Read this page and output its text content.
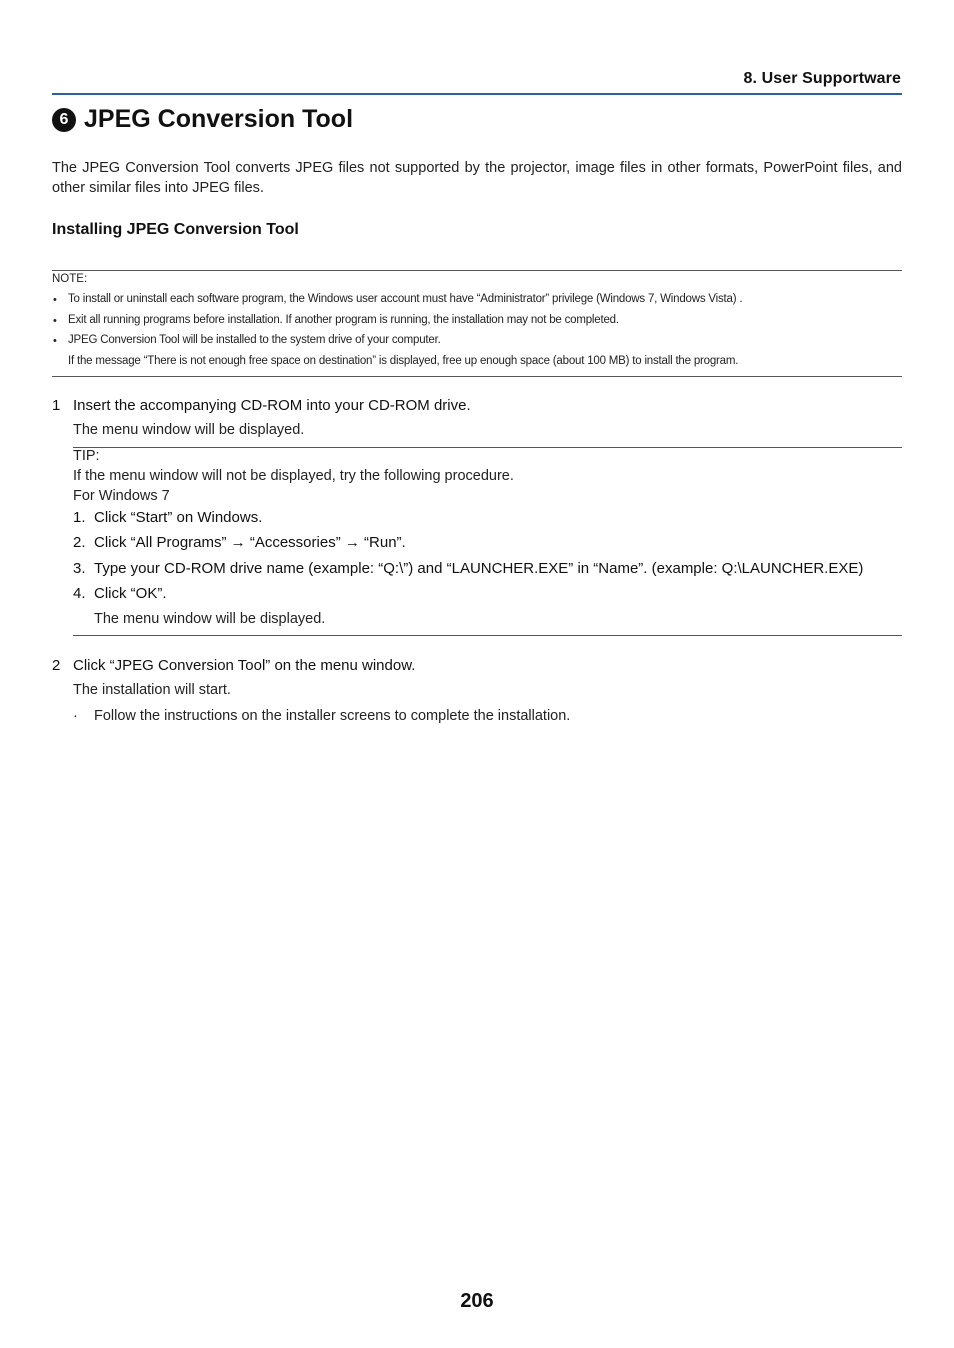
8. User Supportware
6 JPEG Conversion Tool
The JPEG Conversion Tool converts JPEG files not supported by the projector, image files in other formats, PowerPoint files, and other similar files into JPEG files.
Installing JPEG Conversion Tool
NOTE:
• To install or uninstall each software program, the Windows user account must have “Administrator” privilege (Windows 7, Windows Vista) .
• Exit all running programs before installation. If another program is running, the installation may not be completed.
• JPEG Conversion Tool will be installed to the system drive of your computer.
If the message “There is not enough free space on destination” is displayed, free up enough space (about 100 MB) to install the program.
1 Insert the accompanying CD-ROM into your CD-ROM drive.
The menu window will be displayed.
TIP:
If the menu window will not be displayed, try the following procedure.
For Windows 7
1. Click “Start” on Windows.
2. Click “All Programs” → “Accessories” → “Run”.
3. Type your CD-ROM drive name (example: “Q:\”) and “LAUNCHER.EXE” in “Name”. (example: Q:\LAUNCHER.EXE)
4. Click “OK”.
The menu window will be displayed.
2 Click “JPEG Conversion Tool” on the menu window.
The installation will start.
· Follow the instructions on the installer screens to complete the installation.
206
